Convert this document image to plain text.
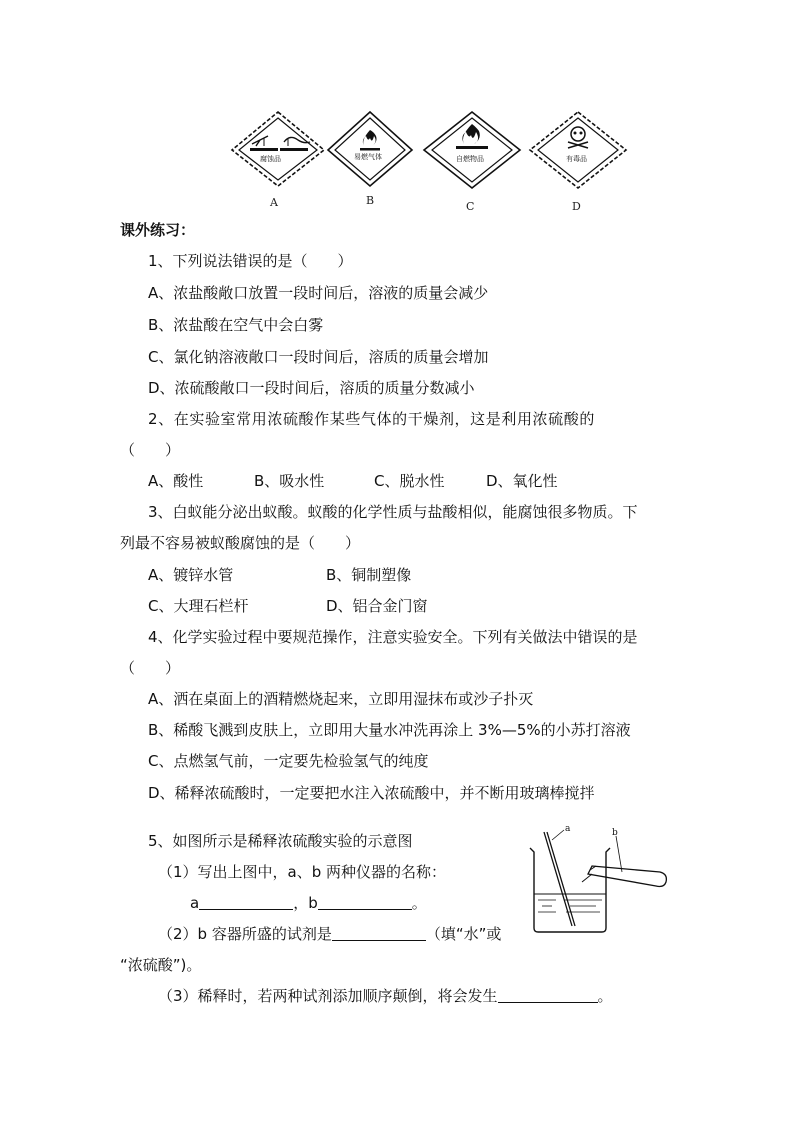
腐蚀品
A
易燃气体
B
自燃物品
C
有毒品
D
课外练习：
1、下列说法错误的是（　　）
A、浓盐酸敞口放置一段时间后，溶液的质量会减少
B、浓盐酸在空气中会白雾
C、氯化钠溶液敞口一段时间后，溶质的质量会增加
D、浓硫酸敞口一段时间后，溶质的质量分数减小
2、在实验室常用浓硫酸作某些气体的干燥剂，这是利用浓硫酸的
（　　）
A、酸性	B、吸水性	C、脱水性	D、氧化性
3、白蚁能分泌出蚁酸。蚁酸的化学性质与盐酸相似，能腐蚀很多物质。下
列最不容易被蚁酸腐蚀的是（　　）
A、镀锌水管	B、铜制塑像
C、大理石栏杆	D、铝合金门窗
4、化学实验过程中要规范操作，注意实验安全。下列有关做法中错误的是
（　　）
A、洒在桌面上的酒精燃烧起来，立即用湿抹布或沙子扑灭
B、稀酸飞溅到皮肤上，立即用大量水冲洗再涂上 3%—5%的小苏打溶液
C、点燃氢气前，一定要先检验氢气的纯度
D、稀释浓硫酸时，一定要把水注入浓硫酸中，并不断用玻璃棒搅拌
5、如图所示是稀释浓硫酸实验的示意图
（1）写出上图中，a、b 两种仪器的名称：
a	，b	。
（2）b 容器所盛的试剂是	（填“水”或
“浓硫酸”)。
（3）稀释时，若两种试剂添加顺序颠倒，将会发生	。
a	b
